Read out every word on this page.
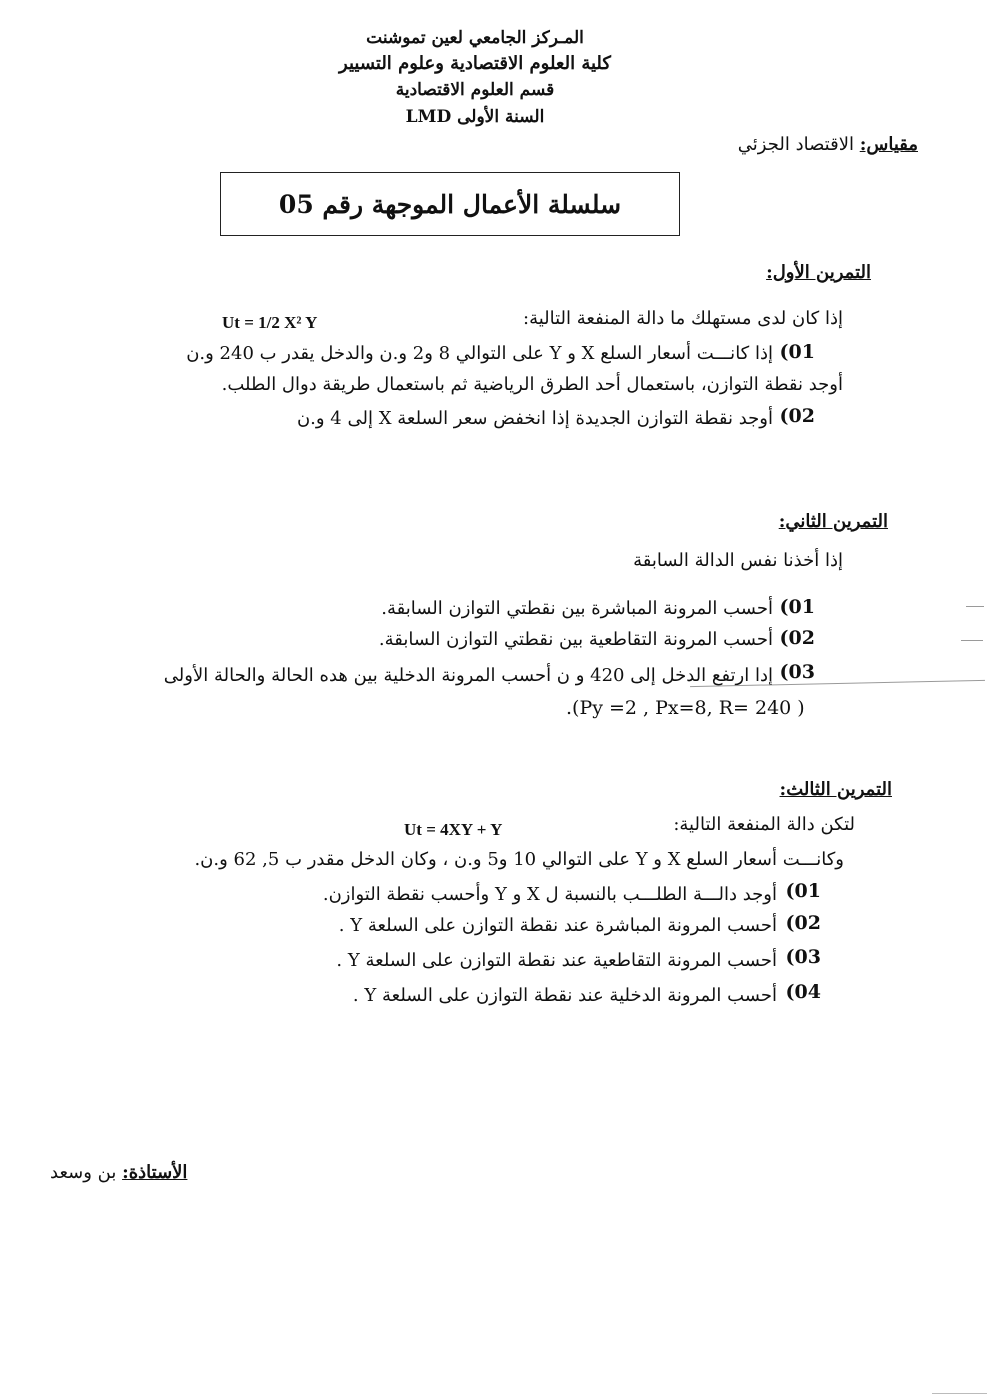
المـركز الجامعي لعين تموشنت
كلية العلوم الاقتصادية وعلوم التسيير
قسم العلوم الاقتصادية
السنة الأولى LMD
مقياس: الاقتصاد الجزئي
سلسلة الأعمال الموجهة رقم 05
التمرين الأول:
إذا كان لدى مستهلك ما دالة المنفعة التالية:
Ut = 1/2 X² Y
01)
إذا كانـــت أسعار السلع X و Y على التوالي 8 و2 و.ن والدخل يقدر ب 240 و.ن
أوجد نقطة التوازن، باستعمال أحد الطرق الرياضية ثم باستعمال طريقة دوال الطلب.
02)
أوجد نقطة التوازن الجديدة إذا انخفض سعر السلعة X إلى 4 و.ن
التمرين الثاني:
إذا أخذنا نفس الدالة السابقة
01)
أحسب المرونة المباشرة بين نقطتي التوازن السابقة.
02)
أحسب المرونة التقاطعية بين نقطتي التوازن السابقة.
03)
إدا ارتفع الدخل إلى 420 و ن أحسب المرونة الدخلية بين هده الحالة والحالة الأولى
.(Py =2 , Px=8, R= 240 )
التمرين الثالث:
لتكن دالة المنفعة التالية:
Ut = 4XY + Y
وكانـــت أسعار السلع X و Y على التوالي 10 و5 و.ن ، وكان الدخل مقدر ب 5, 62 و.ن.
01)
أوجد دالـــة الطلـــب بالنسبة ل X و Y وأحسب نقطة التوازن.
02)
أحسب المرونة المباشرة عند نقطة التوازن على السلعة Y .
03)
أحسب المرونة التقاطعية عند نقطة التوازن على السلعة Y .
04)
أحسب المرونة الدخلية عند نقطة التوازن على السلعة Y .
الأستاذة: بن وسعد
